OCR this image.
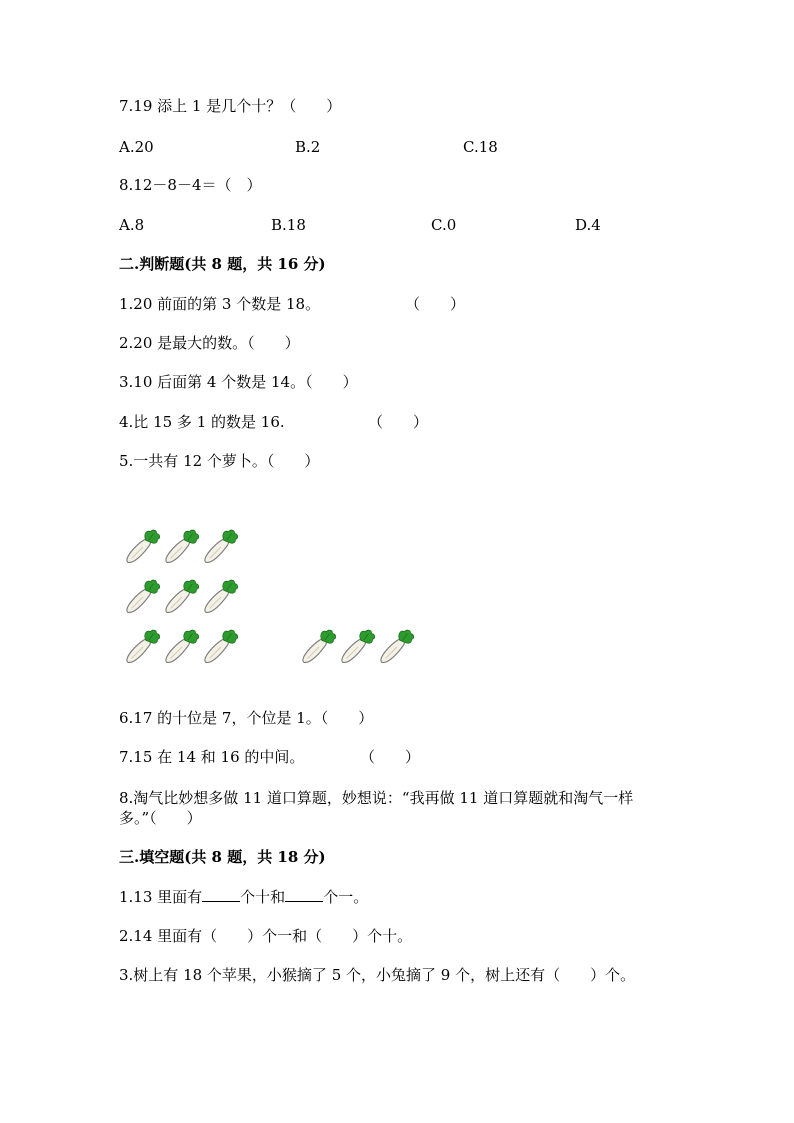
7.19 添上 1 是几个十？（　　）
A.20	B.2	C.18
8.12－8－4＝（　）
A.8	B.18	C.0	D.4
二.判断题(共 8 题，共 16 分)
1.20 前面的第 3 个数是 18。	（　　）
2.20 是最大的数。（　　）
3.10 后面第 4 个数是 14。（　　）
4.比 15 多 1 的数是 16.	（　　）
5.一共有 12 个萝卜。（　　）
6.17 的十位是 7，个位是 1。（　　）
7.15 在 14 和 16 的中间。	（　　）
8.淘气比妙想多做 11 道口算题，妙想说：“我再做 11 道口算题就和淘气一样
多。”（　　）
三.填空题(共 8 题，共 18 分)
1.13 里面有	个十和	个一。
2.14 里面有（　　）个一和（　　）个十。
3.树上有 18 个苹果，小猴摘了 5 个，小兔摘了 9 个，树上还有（　　）个。
